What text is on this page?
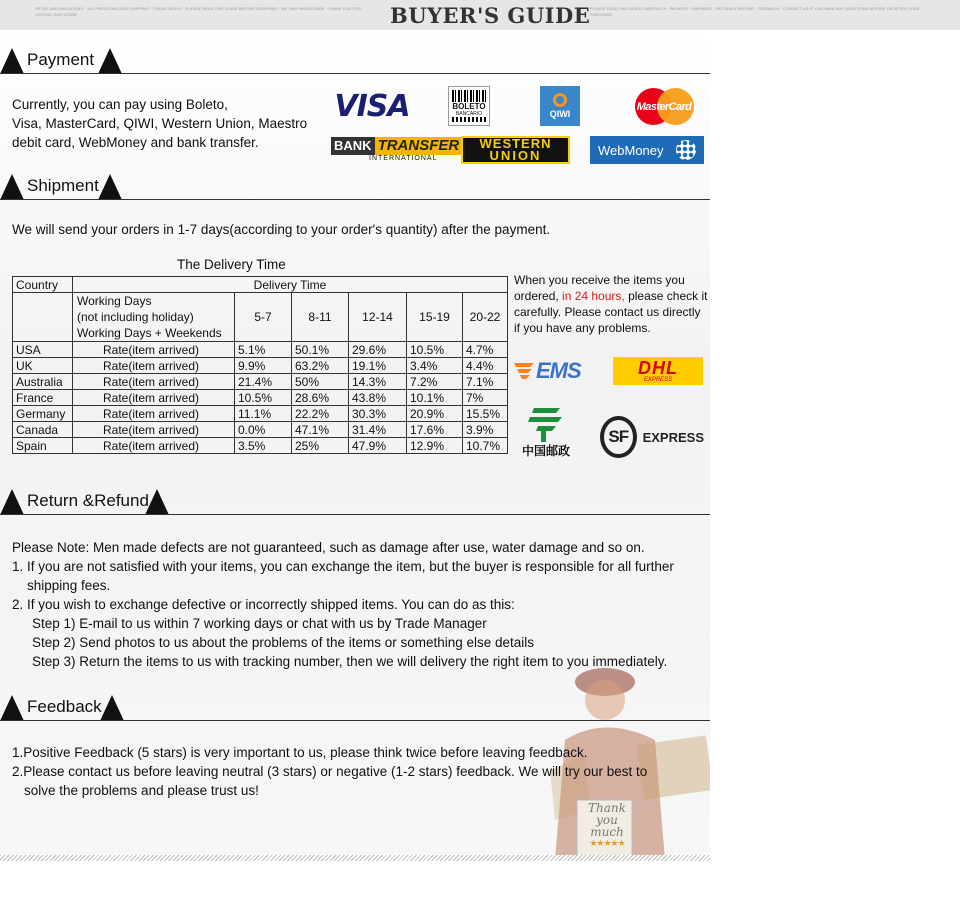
RETAIL AND WHOLESALE · ALL PRICES INCLUDE SHIPPING · TRADE SAFELY · PLEASE READ THIS GUIDE BEFORE ORDERING · WE SHIP WORLDWIDE · THANK YOU FOR VISITING OUR STORE	BUYER'S GUIDE PLEASE READ THIS GUIDE CAREFULLY · PAYMENT · SHIPMENT · RETURN & REFUND · FEEDBACK · CONTACT US IF YOU HAVE ANY QUESTIONS BEFORE OR AFTER YOUR PURCHASE
Thank you much
★★★★★
Payment
Currently, you can pay using Boleto,
Visa, MasterCard, QIWI, Western Union, Maestro
debit card, WebMoney and bank transfer.
VISA	BOLETO
BANCARIO	QIWI
MasterCard
BANK TRANSFER
INTERNATIONAL
WESTERN
UNION	WebMoney
Shipment
We will send your orders in 1-7 days(according to your order's quantity) after the payment.
The Delivery Time
Country	Delivery Time					

	Working Days
(not including holiday)
Working Days + Weekends	5-7	8-11	12-14	15-19	20-22
USA	Rate(item arrived)	5.1%	50.1%	29.6%	10.5%	4.7%
UK	Rate(item arrived)	9.9%	63.2%	19.1%	3.4%	4.4%
Australia	Rate(item arrived)	21.4%	50%	14.3%	7.2%	7.1%
France	Rate(item arrived)	10.5%	28.6%	43.8%	10.1%	7%
Germany	Rate(item arrived)	11.1%	22.2%	30.3%	20.9%	15.5%
Canada	Rate(item arrived)	0.0%	47.1%	31.4%	17.6%	3.9%
Spain	Rate(item arrived)	3.5%	25%	47.9%	12.9%	10.7%
When you receive the items you ordered, in 24 hours, please check it carefully. Please contact us directly if you have any problems.
EMS	DHL
EXPRESS
中国邮政
SF EXPRESS
Return &Refund
Please Note: Men made defects are not guaranteed, such as damage after use, water damage and so on.
1. If you are not satisfied with your items, you can exchange the item, but the buyer is responsible for all further
shipping fees.
2. If you wish to exchange defective or incorrectly shipped items. You can do as this:
Step 1) E-mail to us within 7 working days or chat with us by Trade Manager
Step 2) Send photos to us about the problems of the items or something else details
Step 3) Return the items to us with tracking number, then we will delivery the right item to you immediately.
Feedback
1.Positive Feedback (5 stars) is very important to us, please think twice before leaving feedback.
2.Please contact us before leaving neutral (3 stars) or negative (1-2 stars) feedback. We will try our best to
solve the problems and please trust us!
